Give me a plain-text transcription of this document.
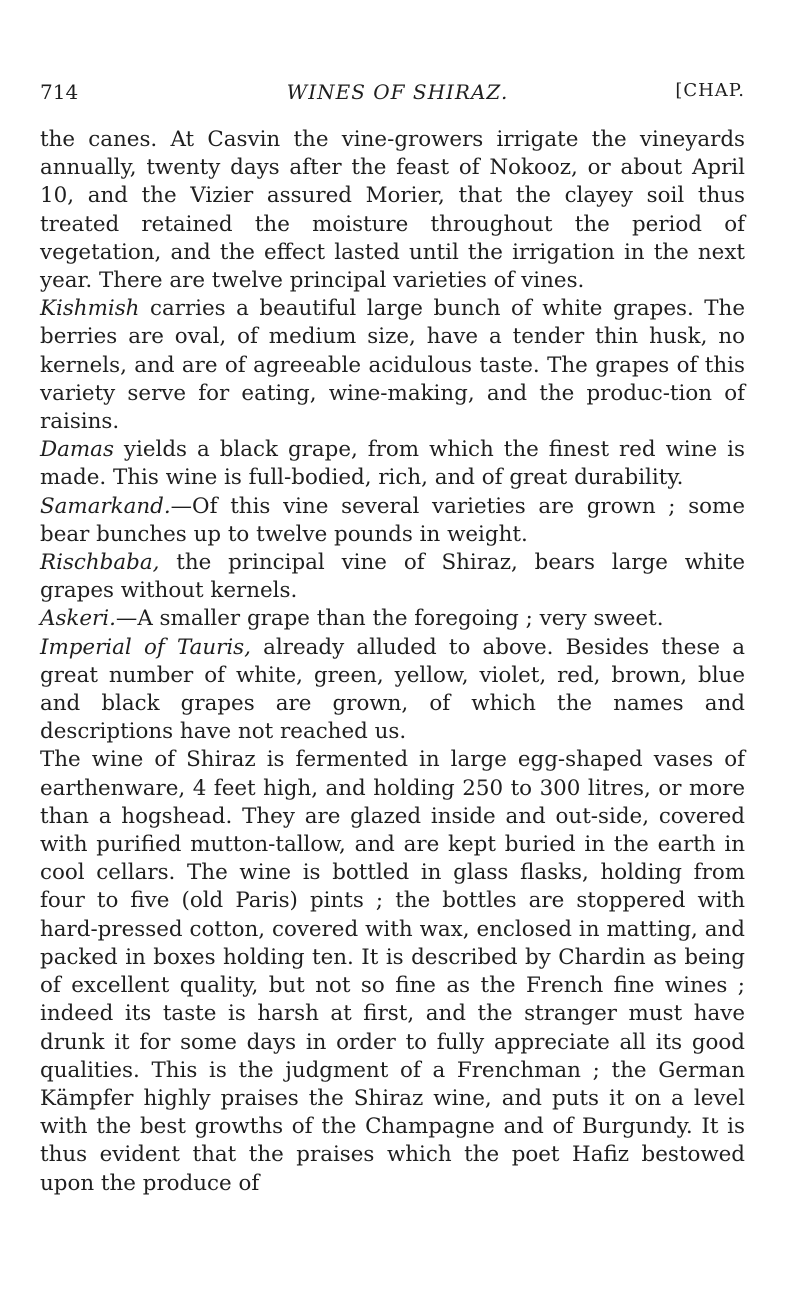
714	WINES OF SHIRAZ.	[CHAP.

the canes. At Casvin the vine-growers irrigate the vineyards annually, twenty days after the feast of Nokooz, or about April 10, and the Vizier assured Morier, that the clayey soil thus treated retained the moisture throughout the period of vegetation, and the effect lasted until the irrigation in the next year. There are twelve principal varieties of vines.

Kishmish carries a beautiful large bunch of white grapes. The berries are oval, of medium size, have a tender thin husk, no kernels, and are of agreeable acidulous taste. The grapes of this variety serve for eating, wine-making, and the produc-tion of raisins.

Damas yields a black grape, from which the finest red wine is made. This wine is full-bodied, rich, and of great durability.

Samarkand.—Of this vine several varieties are grown ; some bear bunches up to twelve pounds in weight.

Rischbaba, the principal vine of Shiraz, bears large white grapes without kernels.

Askeri.—A smaller grape than the foregoing ; very sweet.

Imperial of Tauris, already alluded to above. Besides these a great number of white, green, yellow, violet, red, brown, blue and black grapes are grown, of which the names and descriptions have not reached us.

The wine of Shiraz is fermented in large egg-shaped vases of earthenware, 4 feet high, and holding 250 to 300 litres, or more than a hogshead. They are glazed inside and out-side, covered with purified mutton-tallow, and are kept buried in the earth in cool cellars. The wine is bottled in glass flasks, holding from four to five (old Paris) pints ; the bottles are stoppered with hard-pressed cotton, covered with wax, enclosed in matting, and packed in boxes holding ten. It is described by Chardin as being of excellent quality, but not so fine as the French fine wines ; indeed its taste is harsh at first, and the stranger must have drunk it for some days in order to fully appreciate all its good qualities. This is the judgment of a Frenchman ; the German Kämpfer highly praises the Shiraz wine, and puts it on a level with the best growths of the Champagne and of Burgundy. It is thus evident that the praises which the poet Hafiz bestowed upon the produce of
